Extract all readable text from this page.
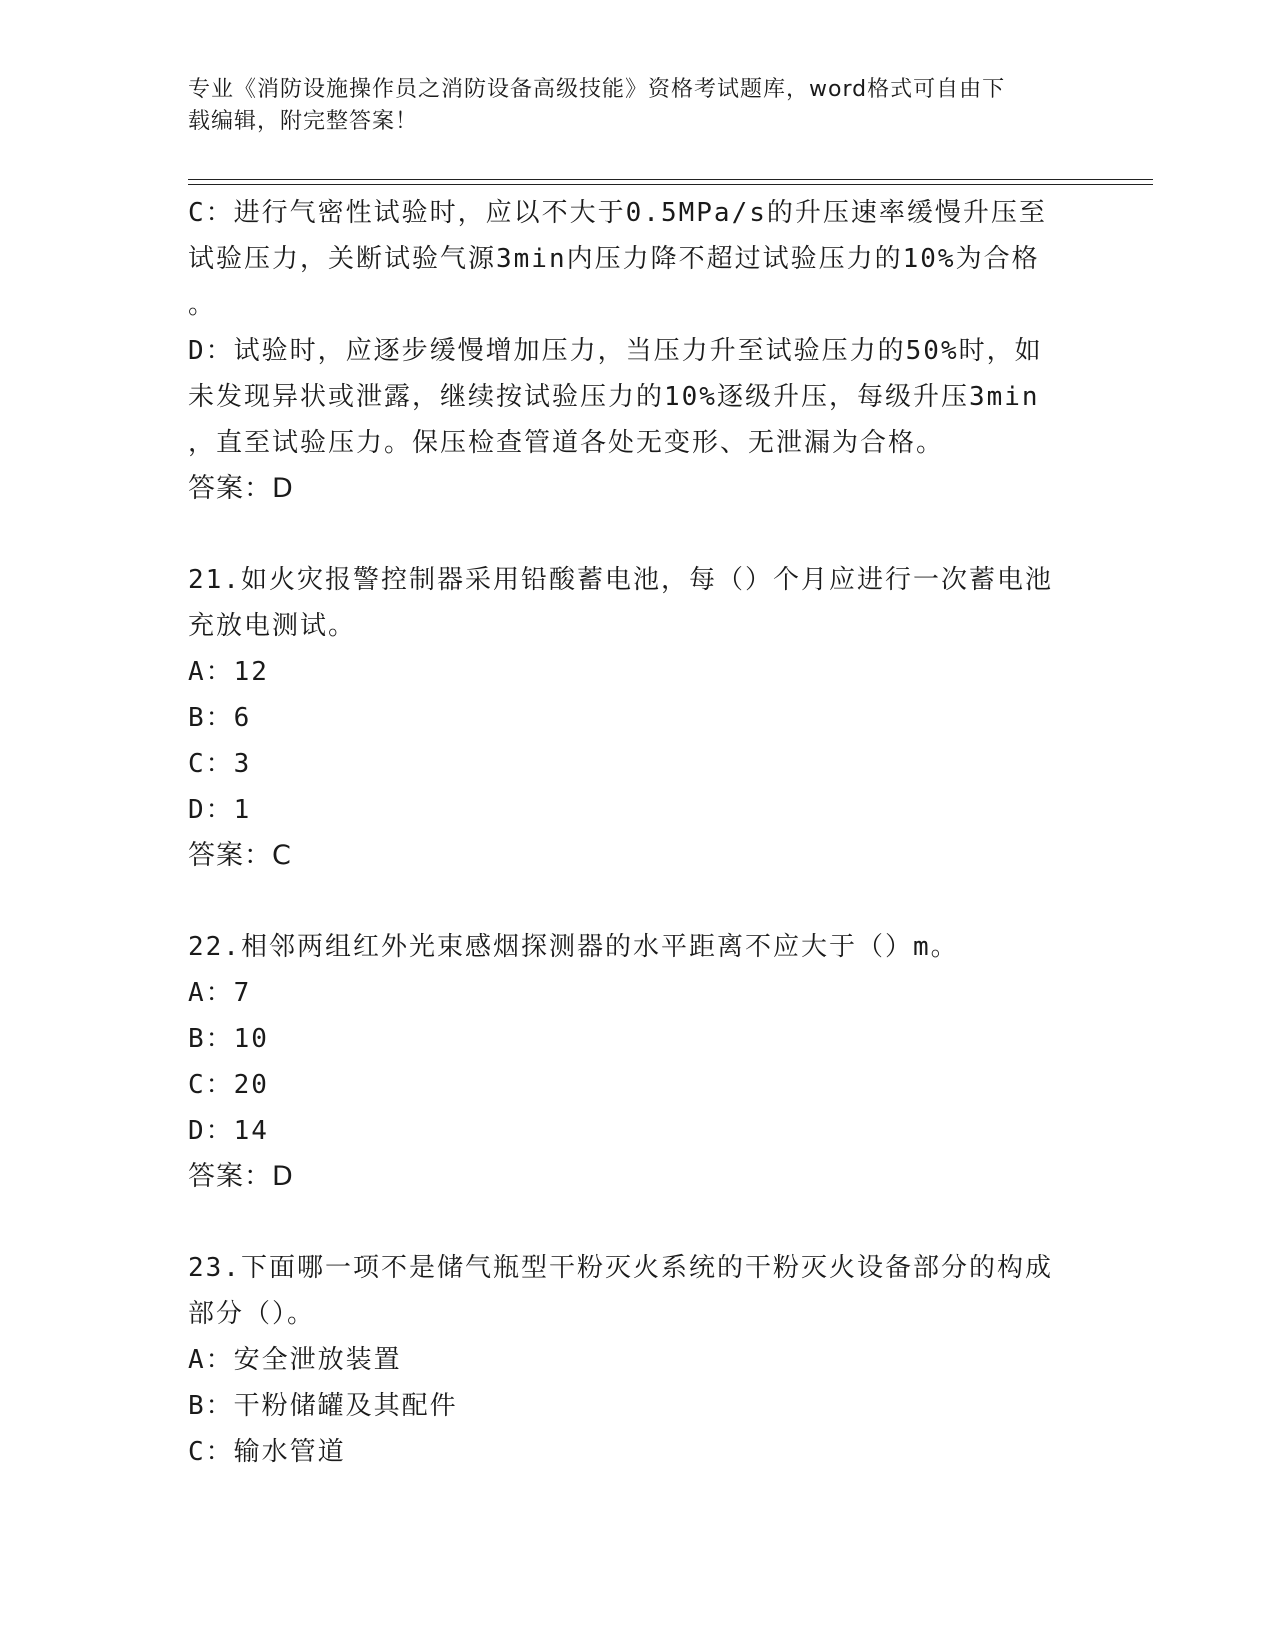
专业《消防设施操作员之消防设备高级技能》资格考试题库，word格式可自由下
载编辑，附完整答案！
C：进行气密性试验时，应以不大于0.5MPa/s的升压速率缓慢升压至
试验压力，关断试验气源3min内压力降不超过试验压力的10%为合格
。
D：试验时，应逐步缓慢增加压力，当压力升至试验压力的50%时，如
未发现异状或泄露，继续按试验压力的10%逐级升压，每级升压3min
，直至试验压力。保压检查管道各处无变形、无泄漏为合格。
答案：D
21.如火灾报警控制器采用铅酸蓄电池，每（）个月应进行一次蓄电池
充放电测试。
A：12
B：6
C：3
D：1
答案：C
22.相邻两组红外光束感烟探测器的水平距离不应大于（）m。
A：7
B：10
C：20
D：14
答案：D
23.下面哪一项不是储气瓶型干粉灭火系统的干粉灭火设备部分的构成
部分（）。
A：安全泄放装置
B：干粉储罐及其配件
C：输水管道
